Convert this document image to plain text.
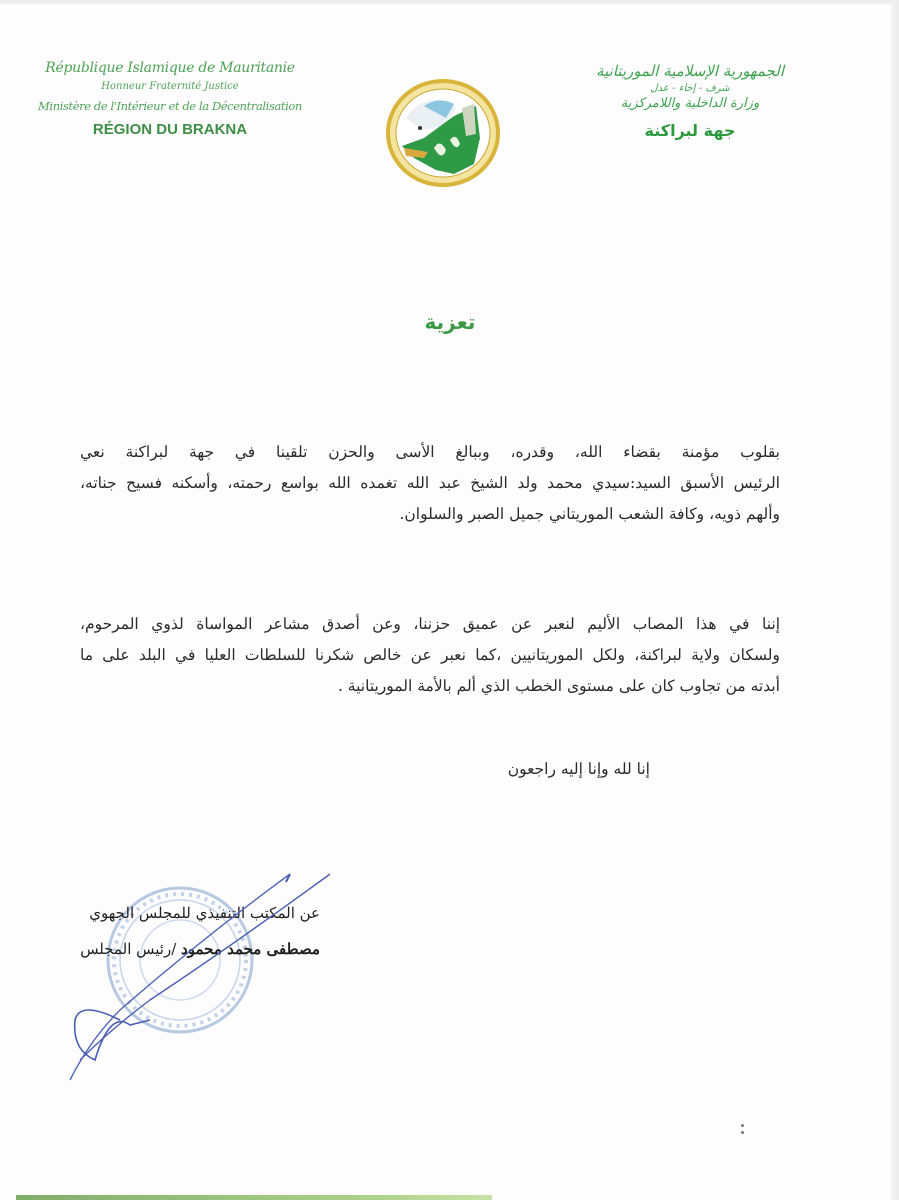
République Islamique de Mauritanie
Honneur Fraternité Justice
Ministère de l'Intérieur et de la Décentralisation
RÉGION DU BRAKNA
الجمهورية الإسلامية الموريتانية
شرف - إخاء - عدل
وزارة الداخلية واللامركزية
جهة لبراكنة
تعزية
بقلوب مؤمنة بقضاء الله، وقدره، وببالغ الأسى والحزن تلقينا في جهة لبراكنة نعي
الرئيس الأسبق السيد:سيدي محمد ولد الشيخ عبد الله تغمده الله بواسع رحمته، وأسكنه فسيح جناته،
وألهم ذويه، وكافة الشعب الموريتاني جميل الصبر والسلوان.
إننا في هذا المصاب الأليم لنعبر عن عميق حزننا، وعن أصدق مشاعر المواساة لذوي المرحوم،
ولسكان ولاية لبراكنة، ولكل الموريتانيين ،كما نعبر عن خالص شكرنا للسلطات العليا في البلد على ما
أبدته من تجاوب كان على مستوى الخطب الذي ألم بالأمة الموريتانية .
إنا لله وإنا إليه راجعون
عن المكتب التنفيذي للمجلس الجهوي
مصطفى محمد محمود /رئيس المجلس
